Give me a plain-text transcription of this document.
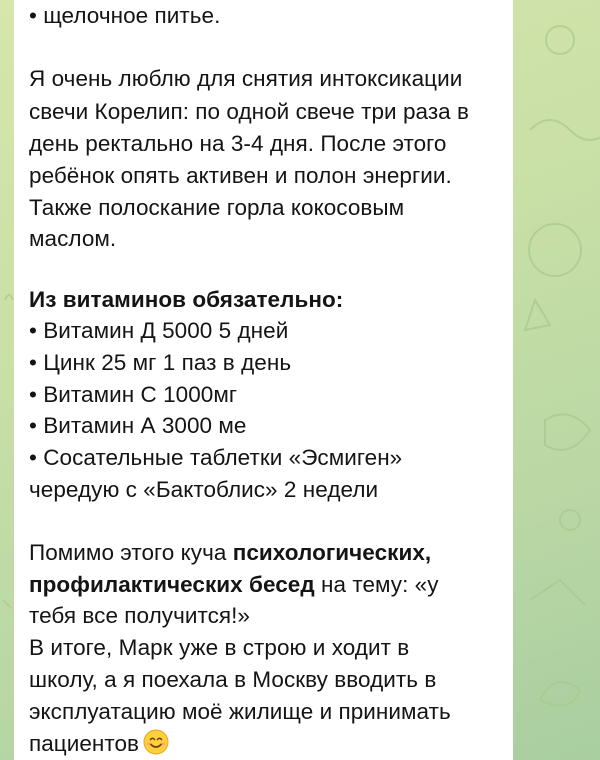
• щелочное питье.
Я очень люблю для снятия интоксикации
свечи Корелип: по одной свече три раза в
день ректально на 3-4 дня. После этого
ребёнок опять активен и полон энергии.
Также полоскание горла кокосовым
маслом.
Из витаминов обязательно:
• Витамин Д 5000 5 дней
• Цинк 25 мг 1 паз в день
• Витамин С 1000мг
• Витамин А 3000 ме
• Сосательные таблетки «Эсмиген»
чередую с «Бактоблис» 2 недели
Помимо этого куча психологических,
профилактических бесед на тему: «у
тебя все получится!»
В итоге, Марк уже в строю и ходит в
школу, а я поехала в Москву вводить в
эксплуатацию моё жилище и принимать
пациентов
